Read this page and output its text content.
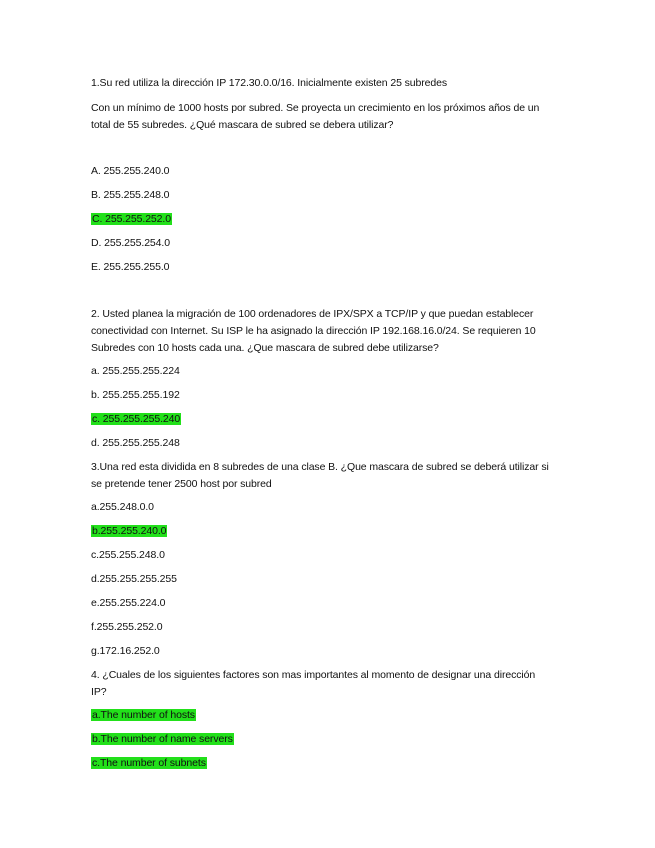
1.Su red utiliza la dirección IP 172.30.0.0/16. Inicialmente existen 25 subredes
Con un mínimo de 1000 hosts por subred. Se proyecta un crecimiento en los próximos años de un
total de 55 subredes. ¿Qué mascara de subred se debera utilizar?
A. 255.255.240.0
B. 255.255.248.0
C. 255.255.252.0
D. 255.255.254.0
E. 255.255.255.0
2. Usted planea la migración de 100 ordenadores de IPX/SPX a TCP/IP y que puedan establecer
conectividad con Internet. Su ISP le ha asignado la dirección IP 192.168.16.0/24. Se requieren 10
Subredes con 10 hosts cada una. ¿Que mascara de subred debe utilizarse?
a. 255.255.255.224
b. 255.255.255.192
c. 255.255.255.240
d. 255.255.255.248
3.Una red esta dividida en 8 subredes de una clase B. ¿Que mascara de subred se deberá utilizar si
se pretende tener 2500 host por subred
a.255.248.0.0
b.255.255.240.0
c.255.255.248.0
d.255.255.255.255
e.255.255.224.0
f.255.255.252.0
g.172.16.252.0
4. ¿Cuales de los siguientes factores son mas importantes al momento de designar una dirección
IP?
a.The number of hosts
b.The number of name servers
c.The number of subnets
